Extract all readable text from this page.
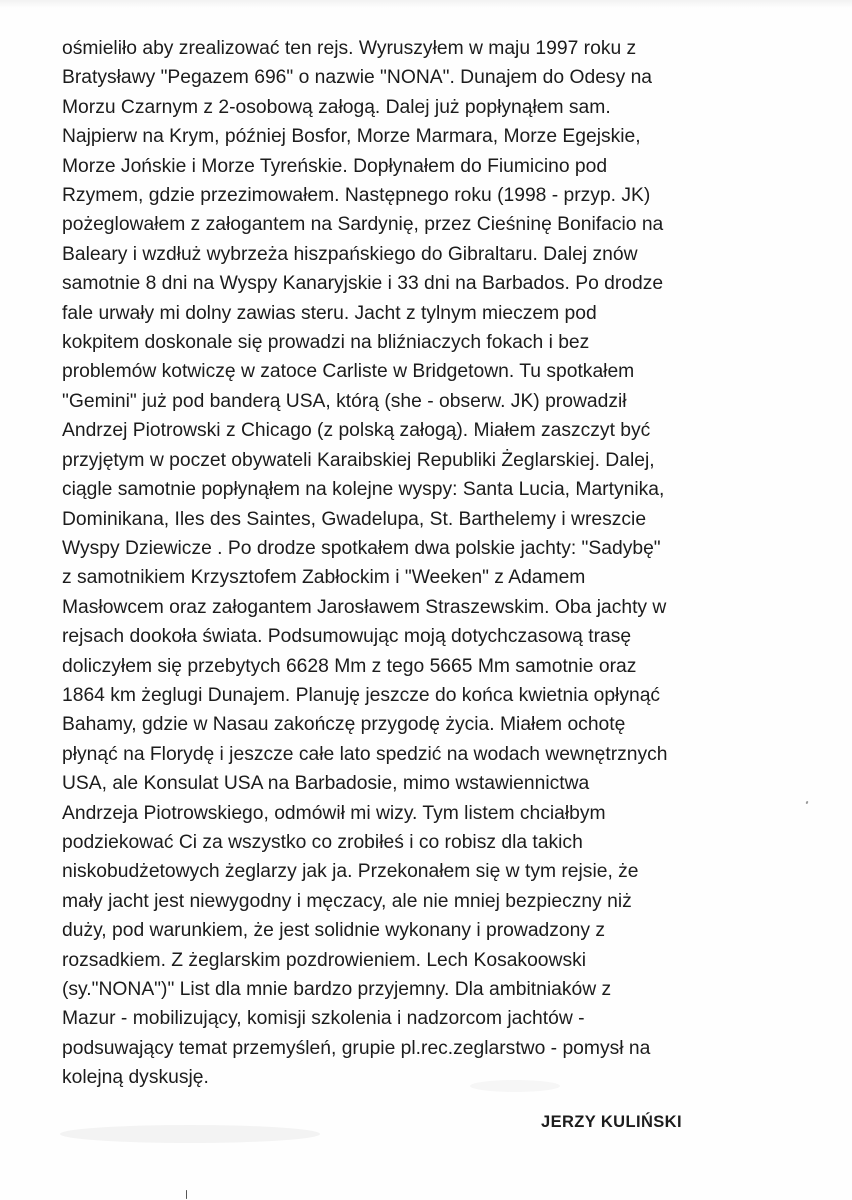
ośmieliło aby zrealizować ten rejs. Wyruszyłem w maju 1997 roku z
Bratysławy "Pegazem 696" o nazwie "NONA". Dunajem do Odesy na
Morzu Czarnym z 2-osobową załogą. Dalej już popłynąłem sam.
Najpierw na Krym, później Bosfor, Morze Marmara, Morze Egejskie,
Morze Jońskie i Morze Tyreńskie. Dopłynałem do Fiumicino pod
Rzymem, gdzie przezimowałem. Następnego roku (1998 - przyp. JK)
pożeglowałem z załogantem na Sardynię, przez Cieśninę Bonifacio na
Baleary i wzdłuż wybrzeża hiszpańskiego do Gibraltaru. Dalej znów
samotnie 8 dni na Wyspy Kanaryjskie i 33 dni na Barbados. Po drodze
fale urwały mi dolny zawias steru. Jacht z tylnym mieczem pod
kokpitem doskonale się prowadzi na bliźniaczych fokach i bez
problemów kotwiczę w zatoce Carliste w Bridgetown. Tu spotkałem
"Gemini" już pod banderą USA, którą (she - obserw. JK) prowadził
Andrzej Piotrowski z Chicago (z polską załogą). Miałem zaszczyt być
przyjętym w poczet obywateli Karaibskiej Republiki Żeglarskiej. Dalej,
ciągle samotnie popłynąłem na kolejne wyspy: Santa Lucia, Martynika,
Dominikana, Iles des Saintes, Gwadelupa, St. Barthelemy i wreszcie
Wyspy Dziewicze . Po drodze spotkałem dwa polskie jachty: "Sadybę"
z samotnikiem Krzysztofem Zabłockim i "Weeken" z Adamem
Masłowcem oraz załogantem Jarosławem Straszewskim. Oba jachty w
rejsach dookoła świata. Podsumowując moją dotychczasową trasę
doliczyłem się przebytych 6628 Mm z tego 5665 Mm samotnie oraz
1864 km żeglugi Dunajem. Planuję jeszcze do końca kwietnia opłynąć
Bahamy, gdzie w Nasau zakończę przygodę życia. Miałem ochotę
płynąć na Florydę i jeszcze całe lato spedzić na wodach wewnętrznych
USA, ale Konsulat USA na Barbadosie, mimo wstawiennictwa
Andrzeja Piotrowskiego, odmówił mi wizy. Tym listem chciałbym
podziekować Ci za wszystko co zrobiłeś i co robisz dla takich
niskobudżetowych żeglarzy jak ja. Przekonałem się w tym rejsie, że
mały jacht jest niewygodny i męczacy, ale nie mniej bezpieczny niż
duży, pod warunkiem, że jest solidnie wykonany i prowadzony z
rozsadkiem. Z żeglarskim pozdrowieniem. Lech Kosakoowski
(sy."NONA")" List dla mnie bardzo przyjemny. Dla ambitniaków z
Mazur - mobilizujący, komisji szkolenia i nadzorcom jachtów -
podsuwający temat przemyśleń, grupie pl.rec.zeglarstwo - pomysł na
kolejną dyskusję.

JERZY KULIŃSKI
